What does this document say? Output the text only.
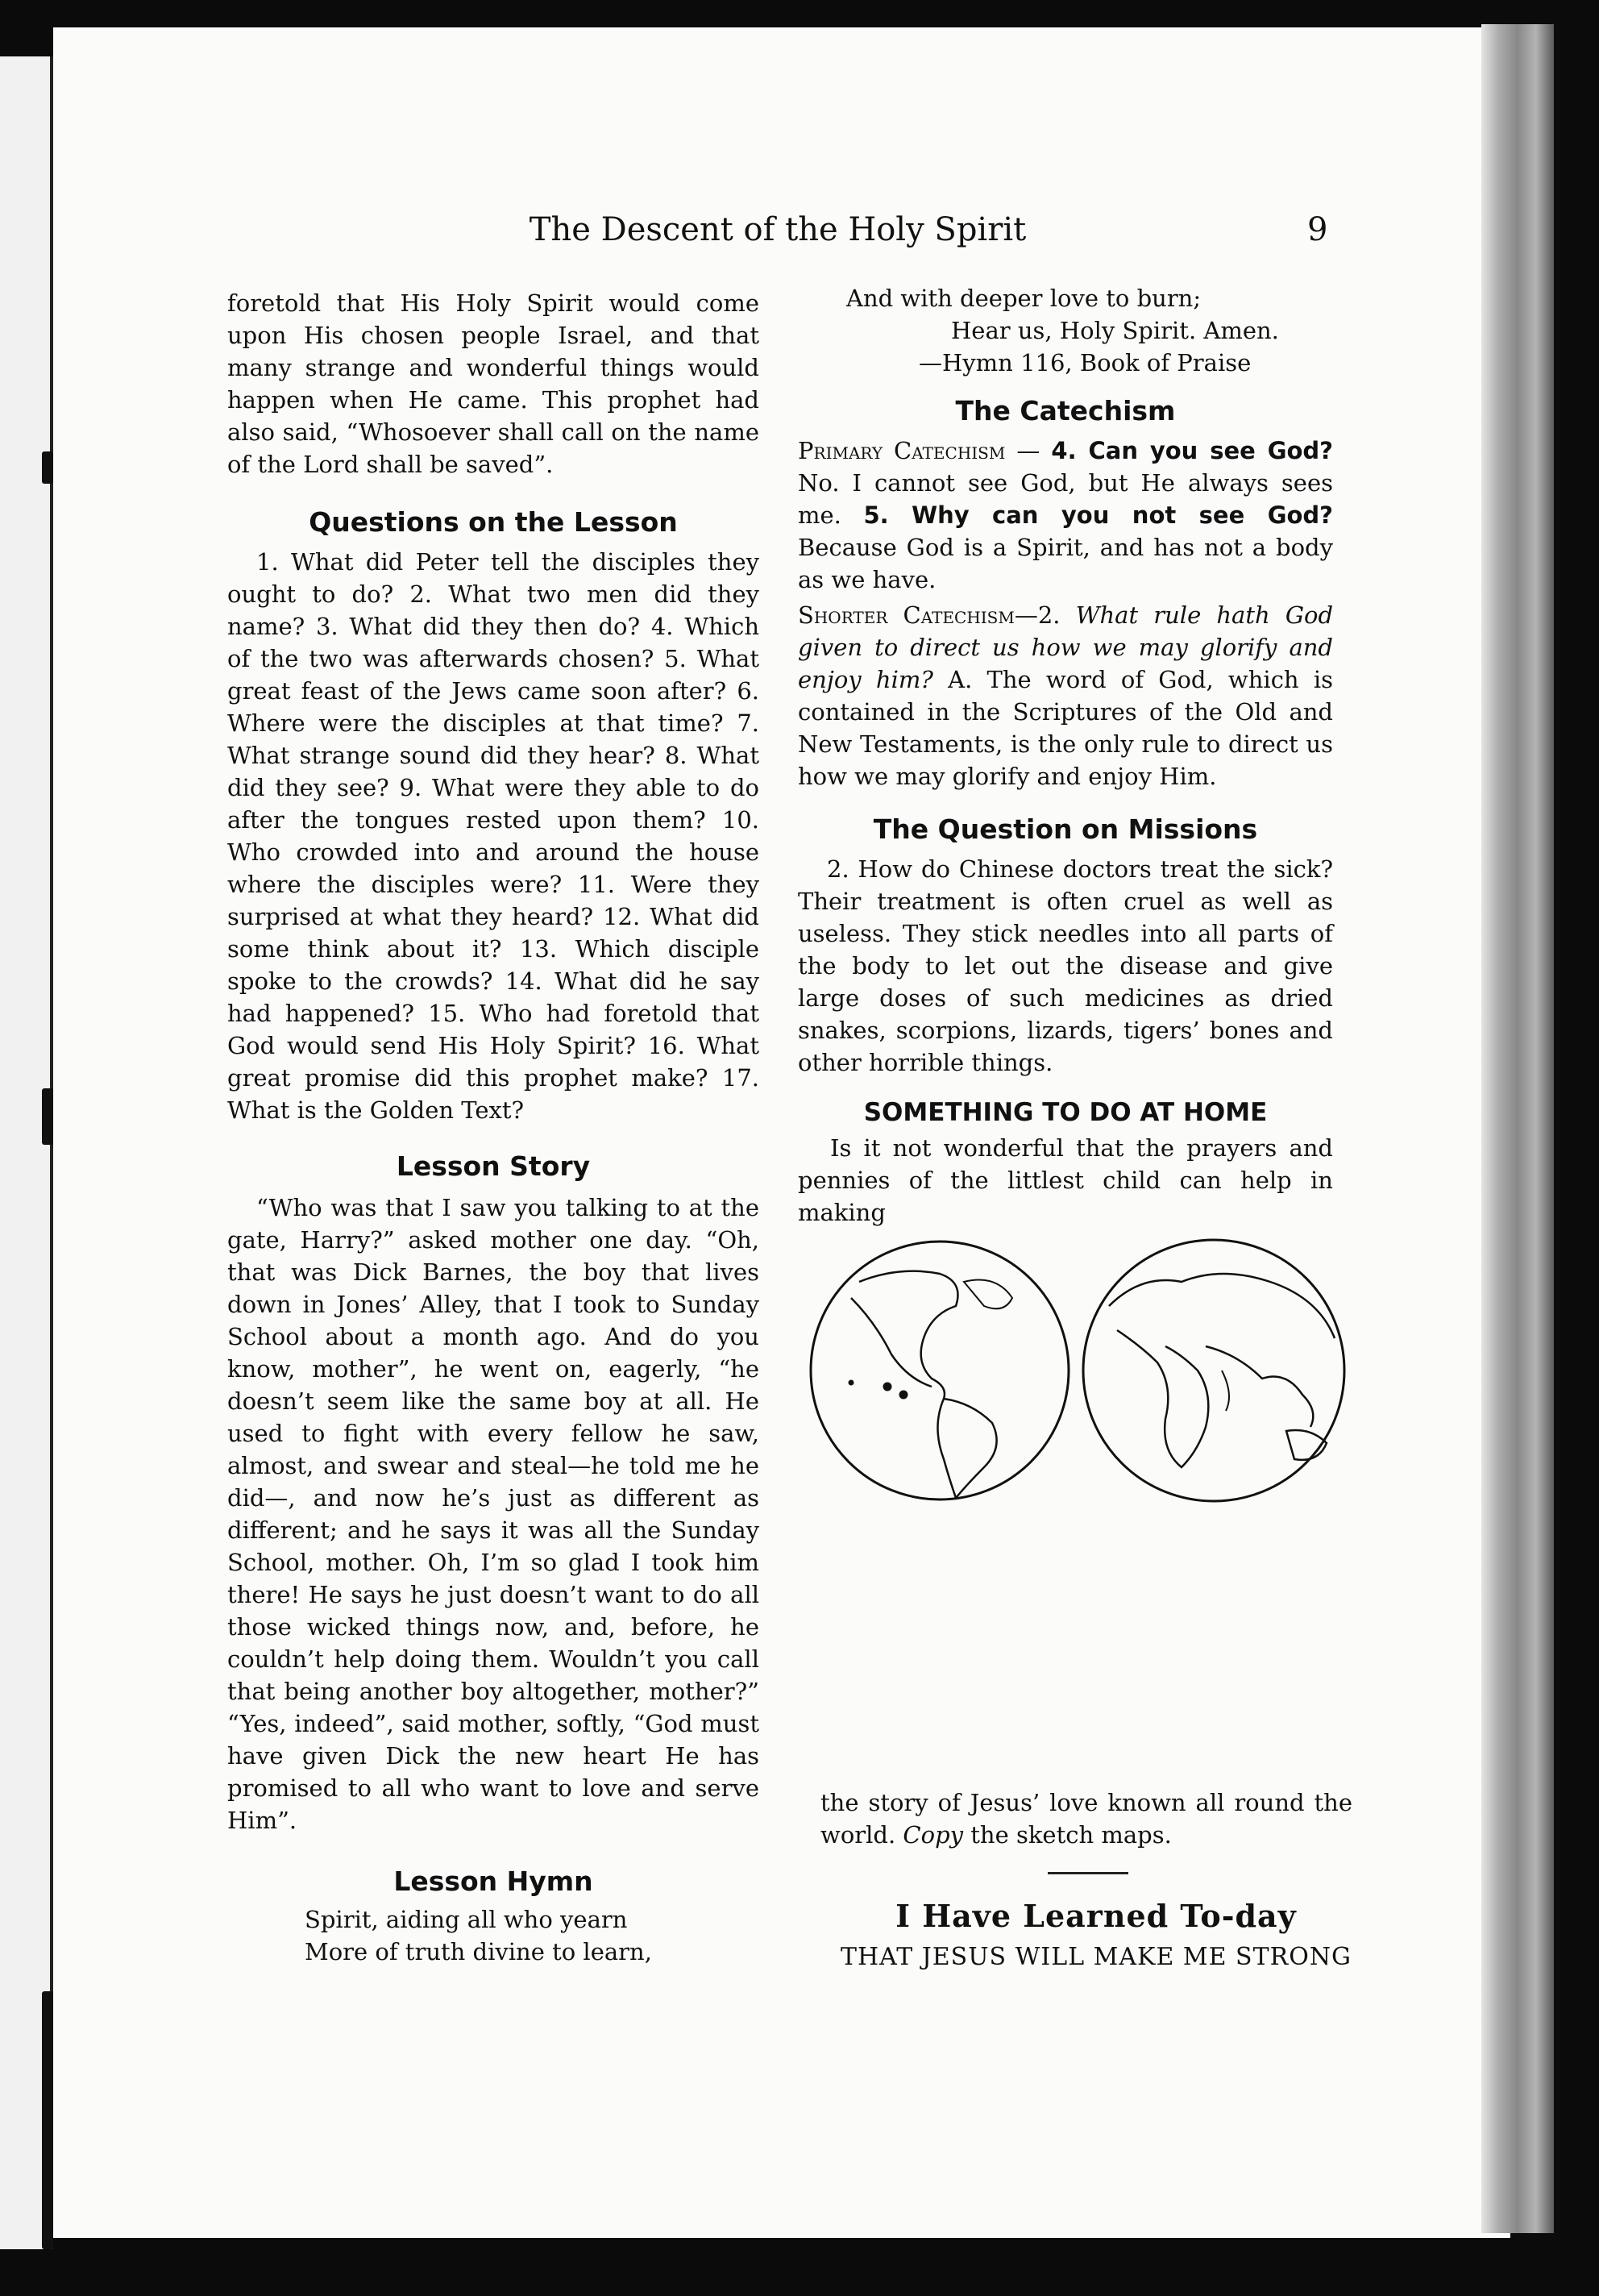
The Descent of the Holy Spirit	9

foretold that His Holy Spirit would come upon His chosen people Israel, and that many strange and wonderful things would happen when He came. This prophet had also said, “Whosoever shall call on the name of the Lord shall be saved”.

Questions on the Lesson

1. What did Peter tell the disciples they ought to do? 2. What two men did they name? 3. What did they then do? 4. Which of the two was afterwards chosen? 5. What great feast of the Jews came soon after? 6. Where were the disciples at that time? 7. What strange sound did they hear? 8. What did they see? 9. What were they able to do after the tongues rested upon them? 10. Who crowded into and around the house where the disciples were? 11. Were they surprised at what they heard? 12. What did some think about it? 13. Which disciple spoke to the crowds? 14. What did he say had happened? 15. Who had foretold that God would send His Holy Spirit? 16. What great promise did this prophet make? 17. What is the Golden Text?

Lesson Story

“Who was that I saw you talking to at the gate, Harry?” asked mother one day. “Oh, that was Dick Barnes, the boy that lives down in Jones’ Alley, that I took to Sunday School about a month ago. And do you know, mother”, he went on, eagerly, “he doesn’t seem like the same boy at all. He used to fight with every fellow he saw, almost, and swear and steal—he told me he did—, and now he’s just as different as different; and he says it was all the Sunday School, mother. Oh, I’m so glad I took him there! He says he just doesn’t want to do all those wicked things now, and, before, he couldn’t help doing them. Wouldn’t you call that being another boy altogether, mother?” “Yes, indeed”, said mother, softly, “God must have given Dick the new heart He has promised to all who want to love and serve Him”.

Lesson Hymn

Spirit, aiding all who yearn

More of truth divine to learn,

And with deeper love to burn;

Hear us, Holy Spirit. Amen.

—Hymn 116, Book of Praise

The Catechism

Primary Catechism — 4. Can you see God? No. I cannot see God, but He always sees me. 5. Why can you not see God? Because God is a Spirit, and has not a body as we have.

Shorter Catechism—2. What rule hath God given to direct us how we may glorify and enjoy him? A. The word of God, which is contained in the Scriptures of the Old and New Testaments, is the only rule to direct us how we may glorify and enjoy Him.

The Question on Missions

2. How do Chinese doctors treat the sick? Their treatment is often cruel as well as useless. They stick needles into all parts of the body to let out the disease and give large doses of such medicines as dried snakes, scorpions, lizards, tigers’ bones and other horrible things.

SOMETHING TO DO AT HOME

Is it not wonderful that the prayers and pennies of the littlest child can help in making

the story of Jesus’ love known all round the world. Copy the sketch maps.

I Have Learned To-day
THAT JESUS WILL MAKE ME STRONG
